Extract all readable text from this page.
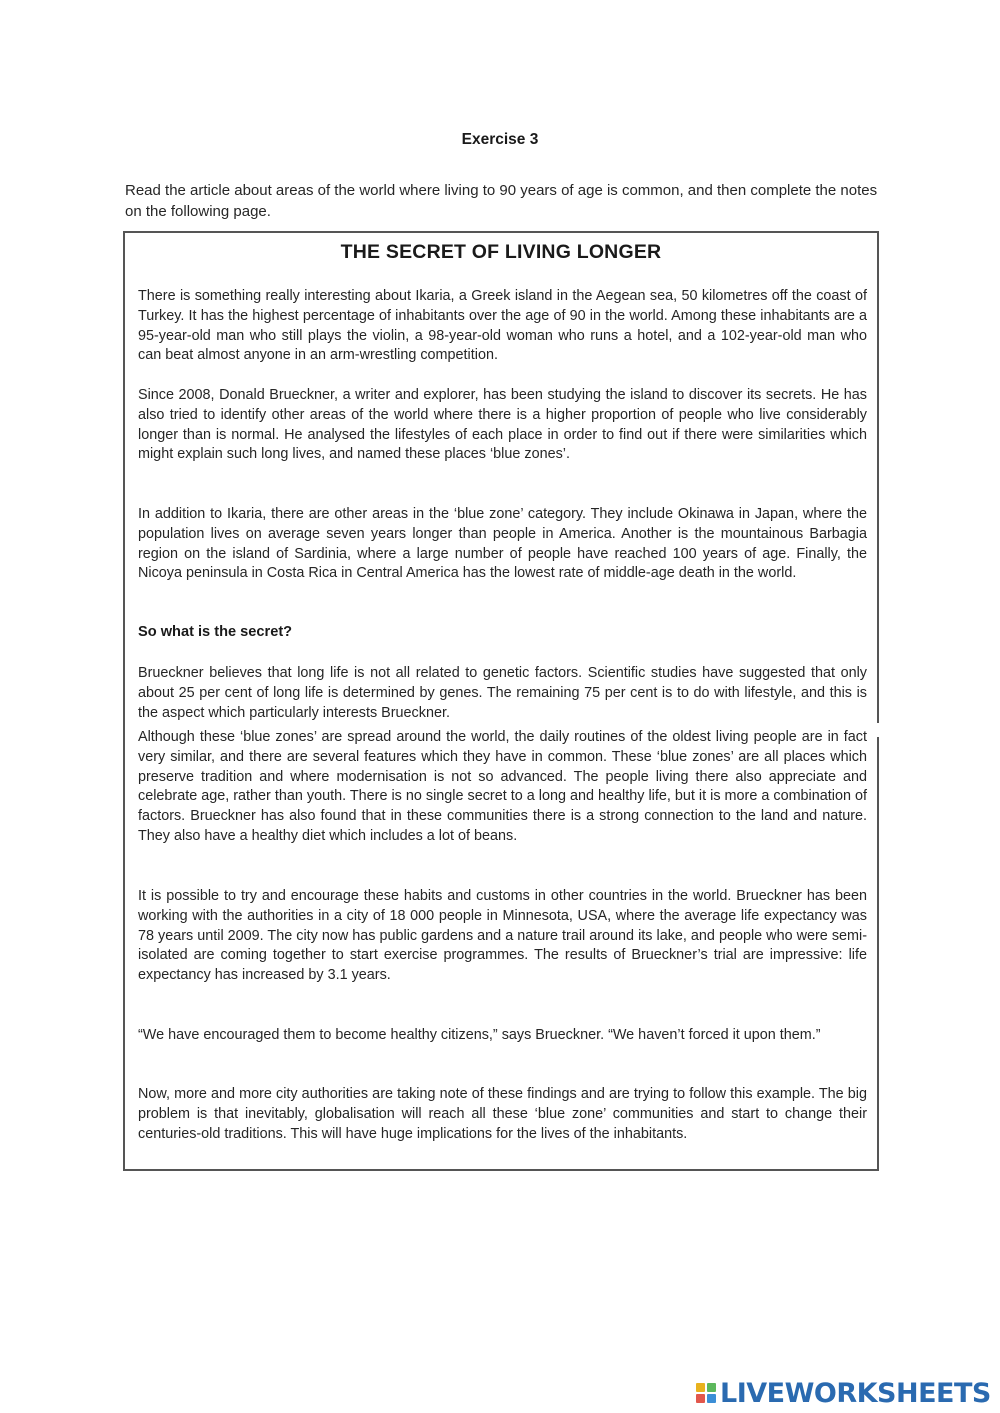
Exercise 3
Read the article about areas of the world where living to 90 years of age is common, and then complete the notes on the following page.
THE SECRET OF LIVING LONGER
There is something really interesting about Ikaria, a Greek island in the Aegean sea, 50 kilometres off the coast of Turkey. It has the highest percentage of inhabitants over the age of 90 in the world. Among these inhabitants are a 95-year-old man who still plays the violin, a 98-year-old woman who runs a hotel, and a 102-year-old man who can beat almost anyone in an arm-wrestling competition.
Since 2008, Donald Brueckner, a writer and explorer, has been studying the island to discover its secrets. He has also tried to identify other areas of the world where there is a higher proportion of people who live considerably longer than is normal. He analysed the lifestyles of each place in order to find out if there were similarities which might explain such long lives, and named these places ‘blue zones’.
In addition to Ikaria, there are other areas in the ‘blue zone’ category. They include Okinawa in Japan, where the population lives on average seven years longer than people in America. Another is the mountainous Barbagia region on the island of Sardinia, where a large number of people have reached 100 years of age. Finally, the Nicoya peninsula in Costa Rica in Central America has the lowest rate of middle-age death in the world.
So what is the secret?
Brueckner believes that long life is not all related to genetic factors. Scientific studies have suggested that only about 25 per cent of long life is determined by genes. The remaining 75 per cent is to do with lifestyle, and this is the aspect which particularly interests Brueckner.
Although these ‘blue zones’ are spread around the world, the daily routines of the oldest living people are in fact very similar, and there are several features which they have in common. These ‘blue zones’ are all places which preserve tradition and where modernisation is not so advanced. The people living there also appreciate and celebrate age, rather than youth. There is no single secret to a long and healthy life, but it is more a combination of factors. Brueckner has also found that in these communities there is a strong connection to the land and nature. They also have a healthy diet which includes a lot of beans.
It is possible to try and encourage these habits and customs in other countries in the world. Brueckner has been working with the authorities in a city of 18 000 people in Minnesota, USA, where the average life expectancy was 78 years until 2009. The city now has public gardens and a nature trail around its lake, and people who were semi-isolated are coming together to start exercise programmes. The results of Brueckner’s trial are impressive: life expectancy has increased by 3.1 years.
“We have encouraged them to become healthy citizens,” says Brueckner. “We haven’t forced it upon them.”
Now, more and more city authorities are taking note of these findings and are trying to follow this example. The big problem is that inevitably, globalisation will reach all these ‘blue zone’ communities and start to change their centuries-old traditions. This will have huge implications for the lives of the inhabitants.
LIVEWORKSHEETS
